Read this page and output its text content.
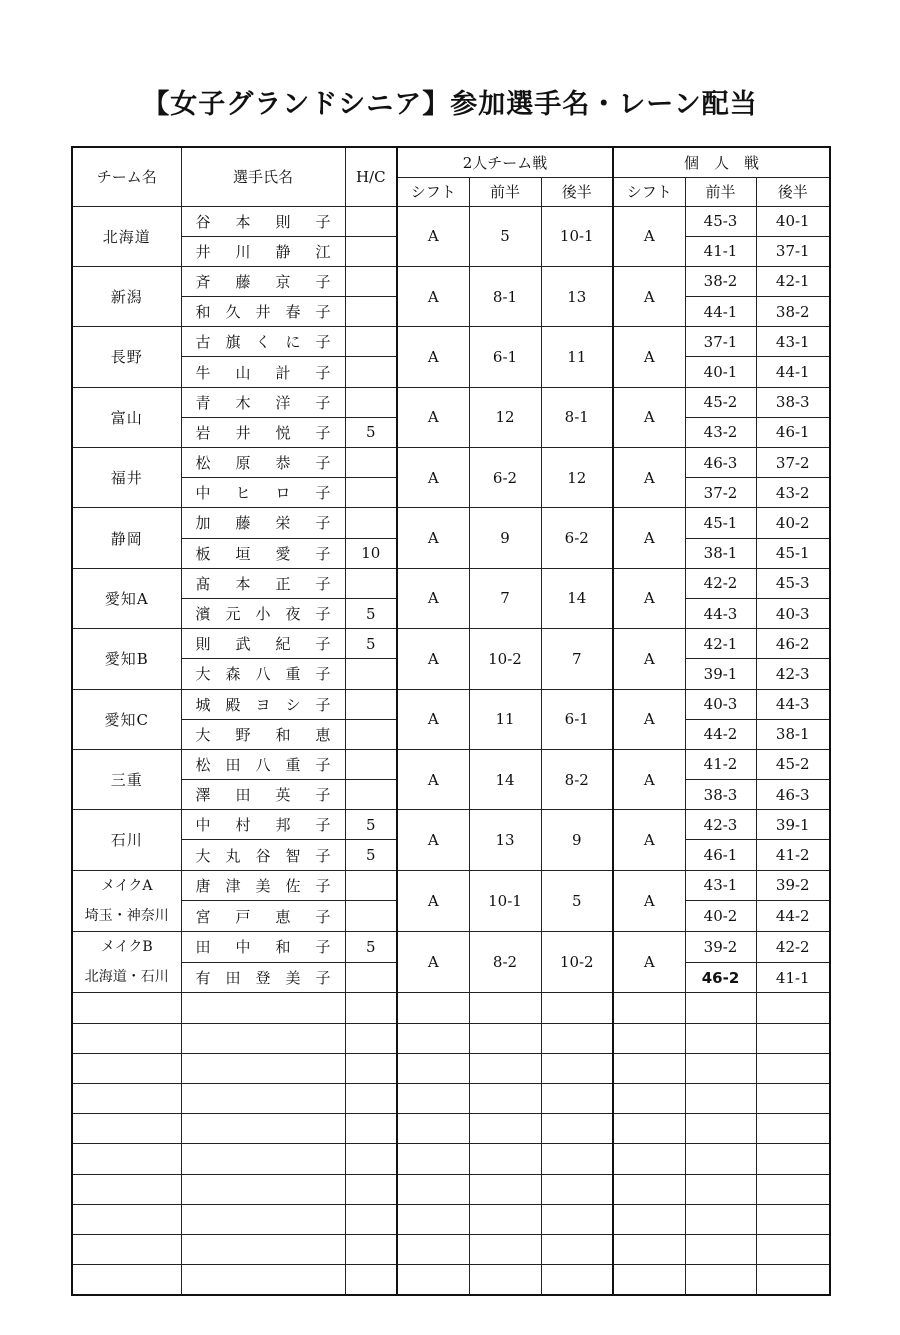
【女子グランドシニア】参加選手名・レーン配当
チーム名	選手氏名	H/C	2人チーム戦			個　人　戦		
			シフト	前半	後半	シフト	前半	後半

北海道	谷本則子		A	5	10-1	A	45-3	40-1
	井川静江						41-1	37-1

新潟	斉藤京子		A	8-1	13	A	38-2	42-1
	和久井春子						44-1	38-2

長野	古旗くに子		A	6-1	11	A	37-1	43-1
	牛山計子						40-1	44-1

富山	青木洋子		A	12	8-1	A	45-2	38-3
	岩井悦子	5					43-2	46-1

福井	松原恭子		A	6-2	12	A	46-3	37-2
	中ヒロ子						37-2	43-2

静岡	加藤栄子		A	9	6-2	A	45-1	40-2
	板垣愛子	10					38-1	45-1

愛知A	髙本正子		A	7	14	A	42-2	45-3
	濱元小夜子	5					44-3	40-3

愛知B	則武紀子	5	A	10-2	7	A	42-1	46-2
	大森八重子						39-1	42-3

愛知C	城殿ヨシ子		A	11	6-1	A	40-3	44-3
	大野和恵						44-2	38-1

三重	松田八重子		A	14	8-2	A	41-2	45-2
	澤田英子						38-3	46-3

石川	中村邦子	5	A	13	9	A	42-3	39-1
	大丸谷智子	5					46-1	41-2

メイクA
埼玉・神奈川	唐津美佐子		A	10-1	5	A	43-1	39-2
	宮戸恵子						40-2	44-2

メイクB
北海道・石川	田中和子	5	A	8-2	10-2	A	39-2	42-2
	有田登美子						46-2	41-1
